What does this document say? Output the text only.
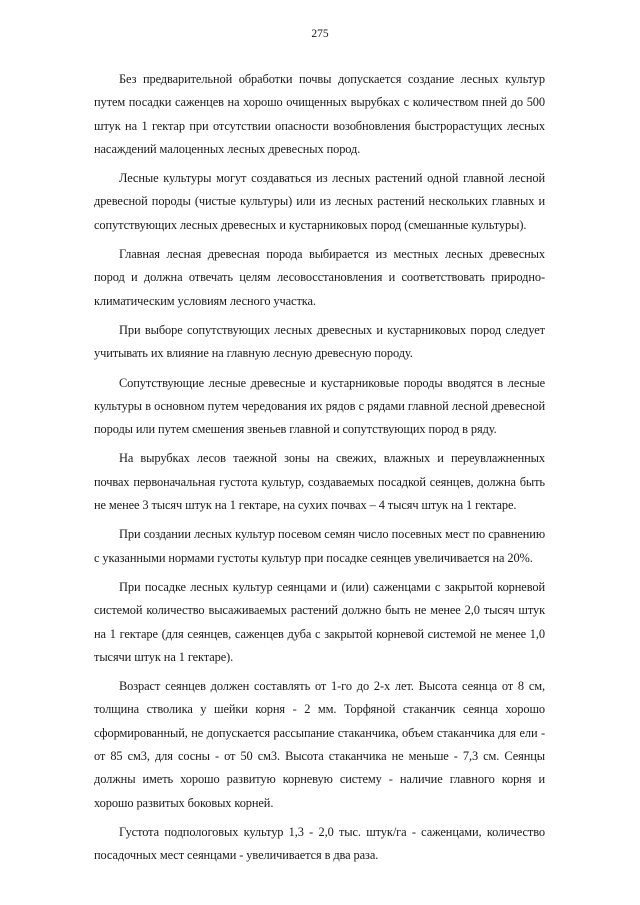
275

Без предварительной обработки почвы допускается создание лесных культур путем посадки саженцев на хорошо очищенных вырубках с количеством пней до 500 штук на 1 гектар при отсутствии опасности возобновления быстрорастущих лесных насаждений малоценных лесных древесных пород.

Лесные культуры могут создаваться из лесных растений одной главной лесной древесной породы (чистые культуры) или из лесных растений нескольких главных и сопутствующих лесных древесных и кустарниковых пород (смешанные культуры).

Главная лесная древесная порода выбирается из местных лесных древесных пород и должна отвечать целям лесовосстановления и соответствовать природно-климатическим условиям лесного участка.

При выборе сопутствующих лесных древесных и кустарниковых пород следует учитывать их влияние на главную лесную древесную породу.

Сопутствующие лесные древесные и кустарниковые породы вводятся в лесные культуры в основном путем чередования их рядов с рядами главной лесной древесной породы или путем смешения звеньев главной и сопутствующих пород в ряду.

На вырубках лесов таежной зоны на свежих, влажных и переувлажненных почвах первоначальная густота культур, создаваемых посадкой сеянцев, должна быть не менее 3 тысяч штук на 1 гектаре, на сухих почвах – 4 тысяч штук на 1 гектаре.

При создании лесных культур посевом семян число посевных мест по сравнению с указанными нормами густоты культур при посадке сеянцев увеличивается на 20%.

При посадке лесных культур сеянцами и (или) саженцами с закрытой корневой системой количество высаживаемых растений должно быть не менее 2,0 тысяч штук на 1 гектаре (для сеянцев, саженцев дуба с закрытой корневой системой не менее 1,0 тысячи штук на 1 гектаре).

Возраст сеянцев должен составлять от 1-го до 2-х лет. Высота сеянца от 8 см, толщина стволика у шейки корня - 2 мм. Торфяной стаканчик сеянца хорошо сформированный, не допускается рассыпание стаканчика, объем стаканчика для ели - от 85 см3, для сосны - от 50 см3. Высота стаканчика не меньше - 7,3 см. Сеянцы должны иметь хорошо развитую корневую систему - наличие главного корня и хорошо развитых боковых корней.

Густота подпологовых культур 1,3 - 2,0 тыс. штук/га - саженцами, количество посадочных мест сеянцами - увеличивается в два раза.
